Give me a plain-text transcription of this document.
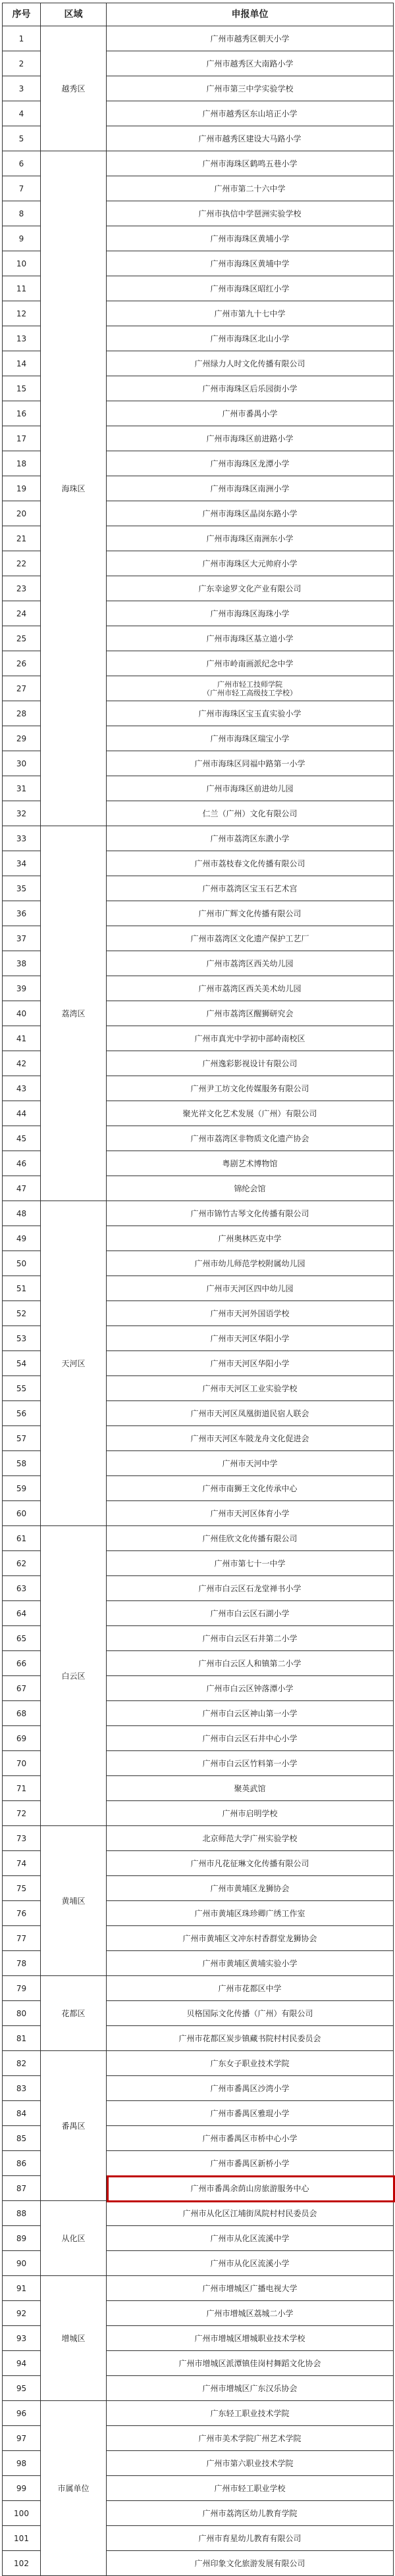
序号	区域	申报单位
1	越秀区	广州市越秀区朝天小学
2		广州市越秀区大南路小学
3		广州市第三中学实验学校
4		广州市越秀区东山培正小学
5		广州市越秀区建设大马路小学
6	海珠区	广州市海珠区鹤鸣五巷小学
7		广州市第二十六中学
8		广州市执信中学琶洲实验学校
9		广州市海珠区黄埔小学
10		广州市海珠区黄埔中学
11		广州市海珠区昭红小学
12		广州市第九十七中学
13		广州市海珠区北山小学
14		广州绿力人时文化传播有限公司
15		广州市海珠区后乐园街小学
16		广州市番禺小学
17		广州市海珠区前进路小学
18		广州市海珠区龙潭小学
19		广州市海珠区南洲小学
20		广州市海珠区晶岗东路小学
21		广州市海珠区南洲东小学
22		广州市海珠区大元帅府小学
23		广东幸途罗文化产业有限公司
24		广州市海珠区海珠小学
25		广州市海珠区基立道小学
26		广州市岭南画派纪念中学
27		广州市轻工技师学院
（广州市轻工高级技工学校）
28		广州市海珠区宝玉直实验小学
29		广州市海珠区瑞宝小学
30		广州市海珠区同福中路第一小学
31		广州市海珠区前进幼儿园
32		仁兰（广州）文化有限公司
33	荔湾区	广州市荔湾区东漖小学
34		广州市荔枝春文化传播有限公司
35		广州市荔湾区宝玉石艺术宫
36		广州市广辉文化传播有限公司
37		广州市荔湾区文化遗产保护工艺厂
38		广州市荔湾区西关幼儿园
39		广州市荔湾区西关美术幼儿园
40		广州市荔湾区醒狮研究会
41		广州市真光中学初中部岭南校区
42		广州逸彩影视设计有限公司
43		广州尹工坊文化传媒服务有限公司
44		聚光祥文化艺术发展（广州）有限公司
45		广州市荔湾区非物质文化遗产协会
46		粤剧艺术博物馆
47		锦纶会馆
48	天河区	广州市锦竹古琴文化传播有限公司
49		广州奥林匹克中学
50		广州市幼儿师范学校附属幼儿园
51		广州市天河区四中幼儿园
52		广州市天河外国语学校
53		广州市天河区华阳小学
54		广州市天河区华阳小学
55		广州市天河区工业实验学校
56		广州市天河区凤凰街道民宿人联会
57		广州市天河区车陂龙舟文化促进会
58		广州市天河中学
59		广州市南狮王文化传承中心
60		广州市天河区体育小学
61	白云区	广州佳欣文化传播有限公司
62		广州市第七十一中学
63		广州市白云区石龙堂禅书小学
64		广州市白云区石湖小学
65		广州市白云区石井第二小学
66		广州市白云区人和镇第二小学
67		广州市白云区钟落潭小学
68		广州市白云区神山第一小学
69		广州市白云区石井中心小学
70		广州市白云区竹料第一小学
71		聚英武馆
72		广州市启明学校
73	黄埔区	北京师范大学广州实验学校
74		广州市凡花征琳文化传播有限公司
75		广州市黄埔区龙狮协会
76		广州市黄埔区珠珍卿广绣工作室
77		广州市黄埔区文冲东村香群堂龙狮协会
78		广州市黄埔区黄埔实验小学
79	花都区	广州市花都区中学
80		贝格国际文化传播（广州）有限公司
81		广州市花都区炭步镇藏书院村村民委员会
82	番禺区	广东女子职业技术学院
83		广州市番禺区沙湾小学
84		广州市番禺区雅琨小学
85		广州市番禺区市桥中心小学
86		广州市番禺区新桥小学
87		广州市番禺余荫山房旅游服务中心
88	从化区	广州市从化区江埔街凤院村村民委员会
89		广州市从化区流溪中学
90		广州市从化区流溪小学
91	增城区	广州市增城区广播电视大学
92		广州市增城区荔城二小学
93		广州市增城区增城职业技术学校
94		广州市增城区派潭镇佳岗村舞蹈文化协会
95		广州市增城区广东汉乐协会
96	市属单位	广东轻工职业技术学院
97		广州市美术学院广州艺术学院
98		广州市第六职业技术学院
99		广州市轻工职业学校
100		广州市荔湾区幼儿教育学院
101		广州市育星幼儿教育有限公司
102		广州印象文化旅游发展有限公司
